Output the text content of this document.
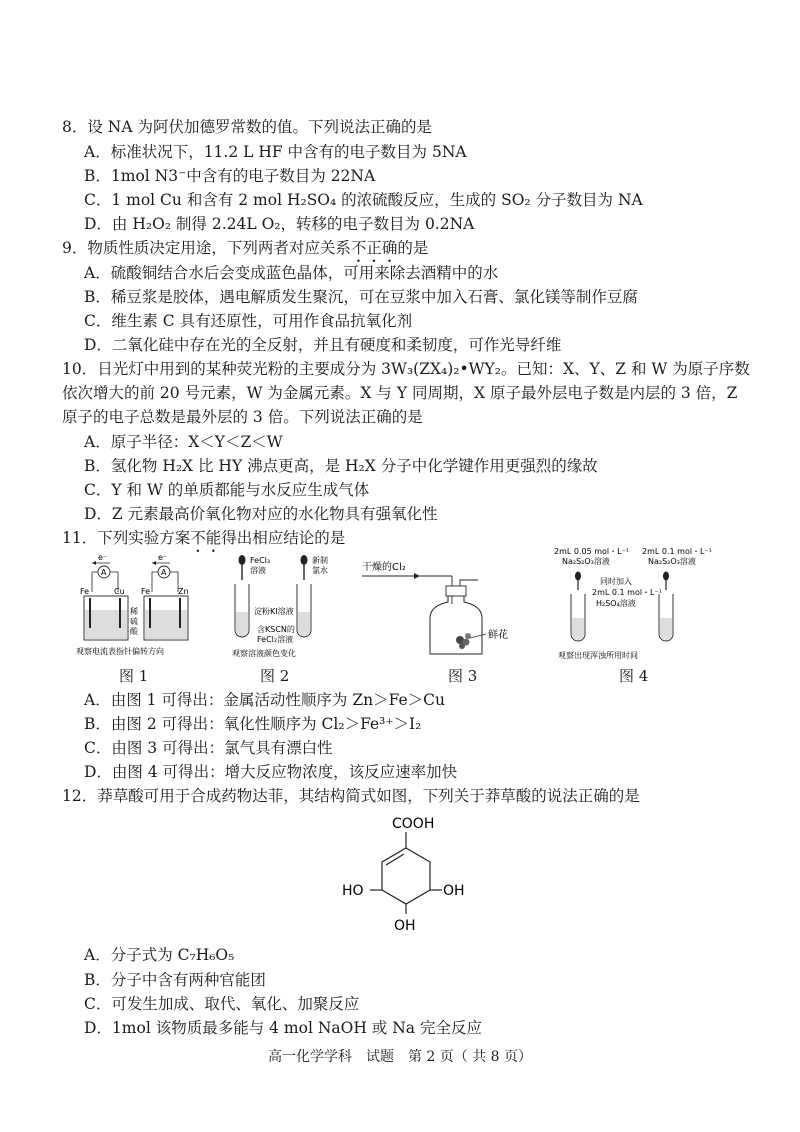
8．设 NA 为阿伏加德罗常数的值。下列说法正确的是
A．标准状况下，11.2 L HF 中含有的电子数目为 5NA
B．1mol N3⁻中含有的电子数目为 22NA
C．1 mol Cu 和含有 2 mol H₂SO₄ 的浓硫酸反应，生成的 SO₂ 分子数目为 NA
D．由 H₂O₂ 制得 2.24L O₂，转移的电子数目为 0.2NA
9．物质性质决定用途，下列两者对应关系不正确的是
A．硫酸铜结合水后会变成蓝色晶体，可用来除去酒精中的水
B．稀豆浆是胶体，遇电解质发生聚沉，可在豆浆中加入石膏、氯化镁等制作豆腐
C．维生素 C 具有还原性，可用作食品抗氧化剂
D．二氧化硅中存在光的全反射，并且有硬度和柔韧度，可作光导纤维
10．日光灯中用到的某种荧光粉的主要成分为 3W₃(ZX₄)₂•WY₂。已知：X、Y、Z 和 W 为原子序数
依次增大的前 20 号元素，W 为金属元素。X 与 Y 同周期，X 原子最外层电子数是内层的 3 倍，Z
原子的电子总数是最外层的 3 倍。下列说法正确的是
A．原子半径：X＜Y＜Z＜W
B．氢化物 H₂X 比 HY 沸点更高，是 H₂X 分子中化学键作用更强烈的缘故
C．Y 和 W 的单质都能与水反应生成气体
D．Z 元素最高价氧化物对应的水化物具有强氧化性
11．下列实验方案不能得出相应结论的是
e⁻
A
Fe	Cu
稀
硫
酸
e⁻
A
Fe	Zn
观察电流表指针偏转方向
图 1
FeCl₃
溶液
新制
氯水
淀粉KI溶液
含KSCN的
FeCl₂溶液
观察溶液颜色变化
图 2
干燥的Cl₂
鲜花
图 3
2mL 0.05 mol・L⁻¹
Na₂S₂O₃溶液
2mL 0.1 mol・L⁻¹
Na₂S₂O₃溶液
同时加入
2mL 0.1 mol・L⁻¹
H₂SO₄溶液
观察出现浑浊所用时间
图 4
A．由图 1 可得出：金属活动性顺序为 Zn＞Fe＞Cu
B．由图 2 可得出：氧化性顺序为 Cl₂＞Fe³⁺＞I₂
C．由图 3 可得出：氯气具有漂白性
D．由图 4 可得出：增大反应物浓度，该反应速率加快
12．莽草酸可用于合成药物达菲，其结构简式如图，下列关于莽草酸的说法正确的是
COOH
HO	OH
OH
A．分子式为 C₇H₆O₅
B．分子中含有两种官能团
C．可发生加成、取代、氧化、加聚反应
D．1mol 该物质最多能与 4 mol NaOH 或 Na 完全反应
高一化学学科　试题　第 2 页（ 共 8 页）
